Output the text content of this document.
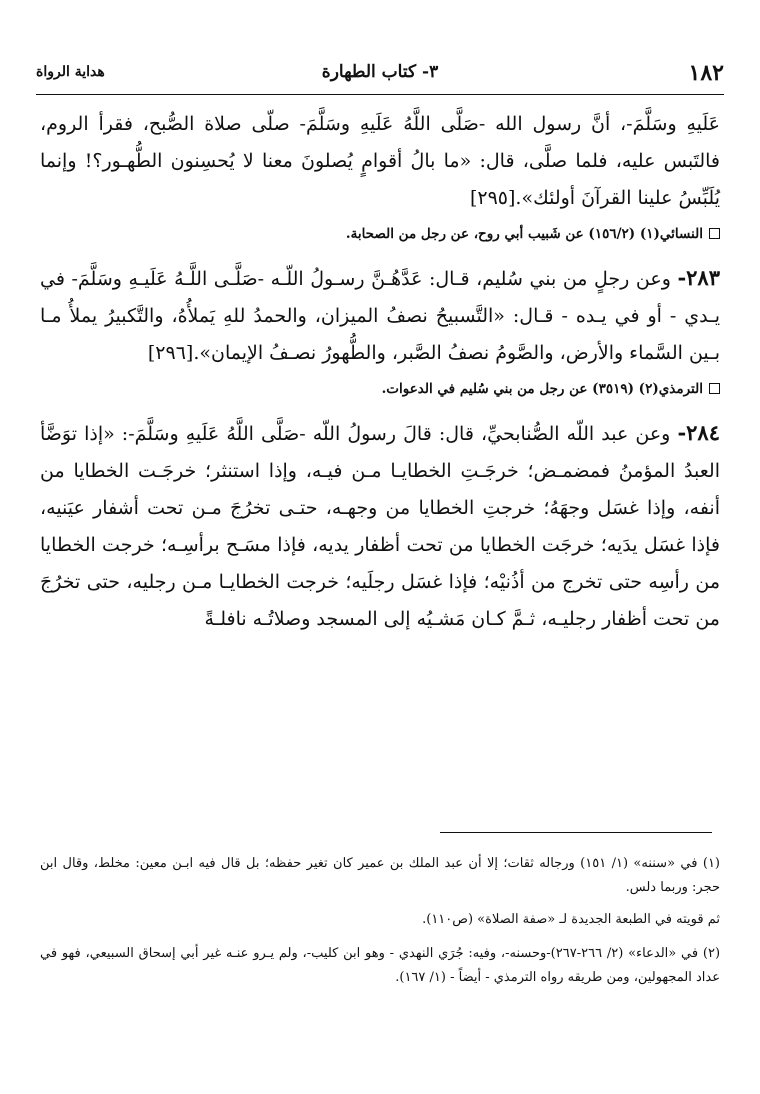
١٨٢
٣- كتاب الطهارة
هداية الرواة

عَلَيهِ وسَلَّمَ-، أنَّ رسول الله -صَلَّى اللَّهُ عَلَيهِ وسَلَّمَ- صلّى صلاة الصُّبح، فقرأ الروم، فالتَبس عليه، فلما صلَّى، قال: «ما بالُ أقوامٍ يُصلونَ معنا لا يُحسِنون الطُّهـور؟! وإنما يُلَبِّسُ علينا القرآنَ أولئك».[٢٩٥]

النسائي(١) (١٥٦/٢) عن شَبيب أبي روح، عن رجل من الصحابة.

٢٨٣- وعن رجلٍ من بني سُليم، قـال: عَدَّهُـنَّ رسـولُ اللّـه -صَلَّـى اللَّـهُ عَلَيـهِ وسَلَّمَ- في يـدي - أو في يـده - قـال: «التَّسبيحُ نصفُ الميزان، والحمدُ للهِ يَملأُهُ، والتَّكبيرُ يملأُ مـا بـين السَّماء والأرض، والصَّومُ نصفُ الصَّبر، والطُّهورُ نصـفُ الإيمان».[٢٩٦]

الترمذي(٢) (٣٥١٩) عن رجل من بني سُليم في الدعوات.

٢٨٤- وعن عبد اللّه الصُّنابحيِّ، قال: قالَ رسولُ اللّه -صَلَّى اللَّهُ عَلَيهِ وسَلَّمَ-: «إذا توَضَّأ العبدُ المؤمنُ فمضمـض؛ خرجَـتِ الخطايـا مـن فيـه، وإذا استنثر؛ خرجَـت الخطايا من أنفه، وإذا غسَل وجهَهُ؛ خرجتِ الخطايا من وجهـه، حتـى تخرُجَ مـن تحت أشفار عيَنيه، فإذا غسَل يدَيه؛ خرجَت الخطايا من تحت أظفار يديه، فإذا مسَـح برأسِـه؛ خرجت الخطايا من رأسِه حتى تخرج من أذُنيْه؛ فإذا غسَل رجلَيه؛ خرجت الخطايـا مـن رجليه، حتى تخرُجَ من تحت أظفار رجليـه، ثـمَّ كـان مَشـيُه إلى المسجد وصلاتُـه نافلـةً

(١) في «سننه» (١/ ١٥١) ورجاله ثقات؛ إلا أن عبد الملك بن عمير كان تغير حفظه؛ بل قال فيه ابـن معين: مخلط، وقال ابن حجر: وربما دلس.

ثم قويته في الطبعة الجديدة لـ «صفة الصلاة» (ص١١٠).

(٢) في «الدعاء» (٢/ ٢٦٦-٢٦٧)-وحسنه-، وفيه: جُرَي النهدي - وهو ابن كليب-، ولم يـرو عنـه غير أبي إسحاق السبيعي، فهو في عداد المجهولين، ومن طريقه رواه الترمذي - أيضاً - (١/ ١٦٧).
